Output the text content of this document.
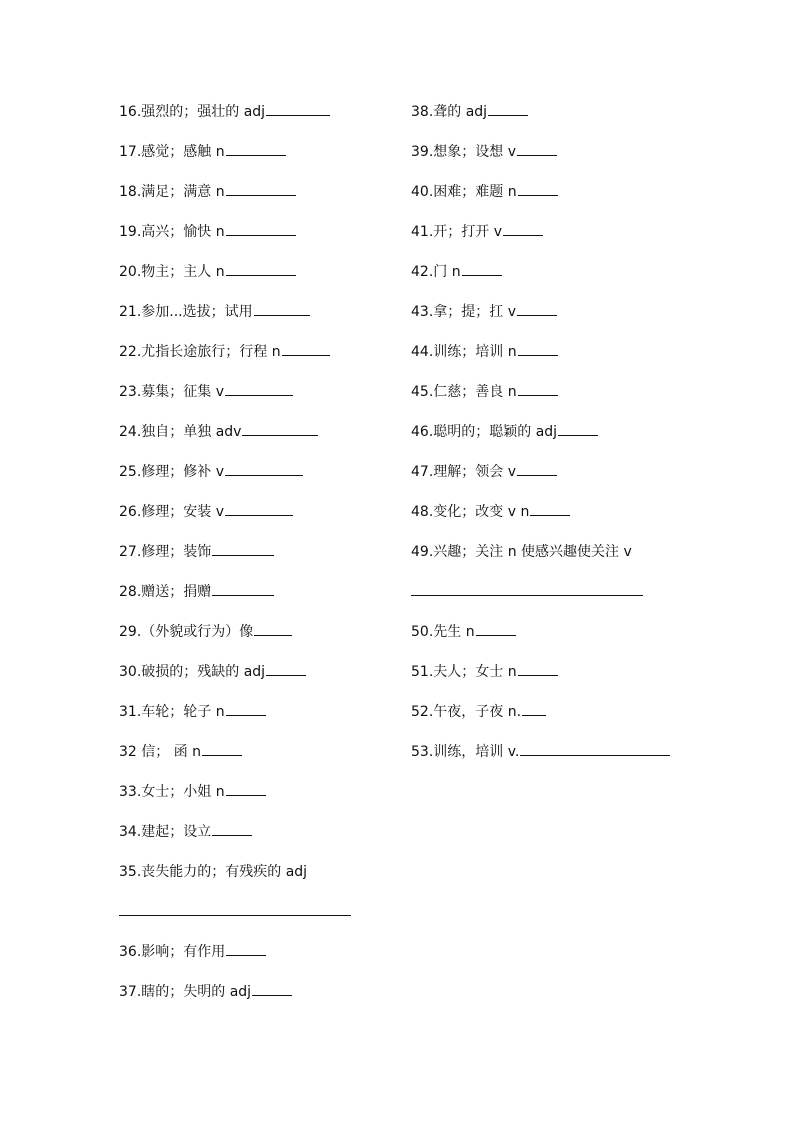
16.强烈的；强壮的 adj
17.感觉；感触 n
18.满足；满意 n
19.高兴；愉快 n
20.物主；主人 n
21.参加...选拔；试用
22.尤指长途旅行；行程 n
23.募集；征集 v
24.独自；单独 adv
25.修理；修补 v
26.修理；安装 v
27.修理；装饰
28.赠送；捐赠
29.（外貌或行为）像
30.破损的；残缺的 adj
31.车轮；轮子 n
32 信； 函 n
33.女士；小姐 n
34.建起；设立
35.丧失能力的；有残疾的 adj
36.影响；有作用
37.瞎的；失明的 adj
38.聋的 adj
39.想象；设想 v
40.困难；难题 n
41.开；打开 v
42.门 n
43.拿；提；扛 v
44.训练；培训 n
45.仁慈；善良 n
46.聪明的；聪颖的 adj
47.理解；领会 v
48.变化；改变 v n
49.兴趣；关注 n 使感兴趣使关注 v
50.先生 n
51.夫人；女士 n
52.午夜，子夜 n.
53.训练，培训 v.
